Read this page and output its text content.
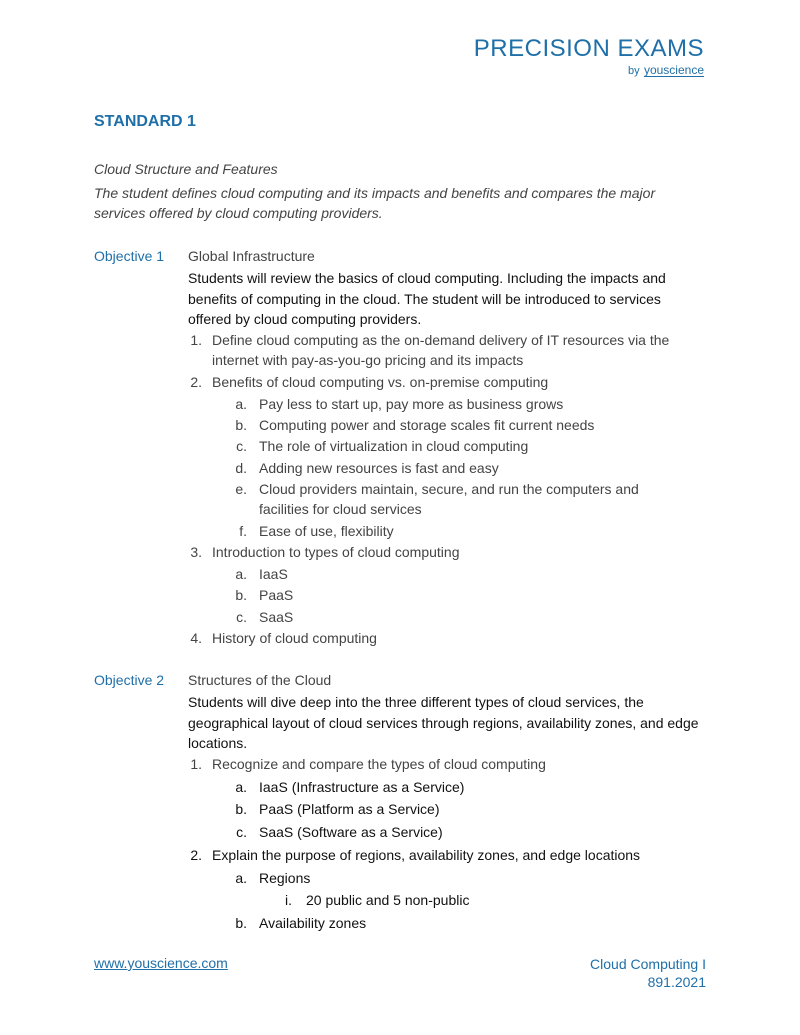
PRECISION EXAMS
by youscience
STANDARD 1
Cloud Structure and Features
The student defines cloud computing and its impacts and benefits and compares the major services offered by cloud computing providers.
Objective 1 Global Infrastructure
Students will review the basics of cloud computing. Including the impacts and benefits of computing in the cloud. The student will be introduced to services offered by cloud computing providers.
1. Define cloud computing as the on-demand delivery of IT resources via the internet with pay-as-you-go pricing and its impacts
2. Benefits of cloud computing vs. on-premise computing
a. Pay less to start up, pay more as business grows
b. Computing power and storage scales fit current needs
c. The role of virtualization in cloud computing
d. Adding new resources is fast and easy
e. Cloud providers maintain, secure, and run the computers and facilities for cloud services
f. Ease of use, flexibility
3. Introduction to types of cloud computing
a. IaaS
b. PaaS
c. SaaS
4. History of cloud computing
Objective 2 Structures of the Cloud
Students will dive deep into the three different types of cloud services, the geographical layout of cloud services through regions, availability zones, and edge locations.
1. Recognize and compare the types of cloud computing
a. IaaS (Infrastructure as a Service)
b. PaaS (Platform as a Service)
c. SaaS (Software as a Service)
2. Explain the purpose of regions, availability zones, and edge locations
a. Regions
i. 20 public and 5 non-public
b. Availability zones
www.youscience.com	Cloud Computing I
891.2021
